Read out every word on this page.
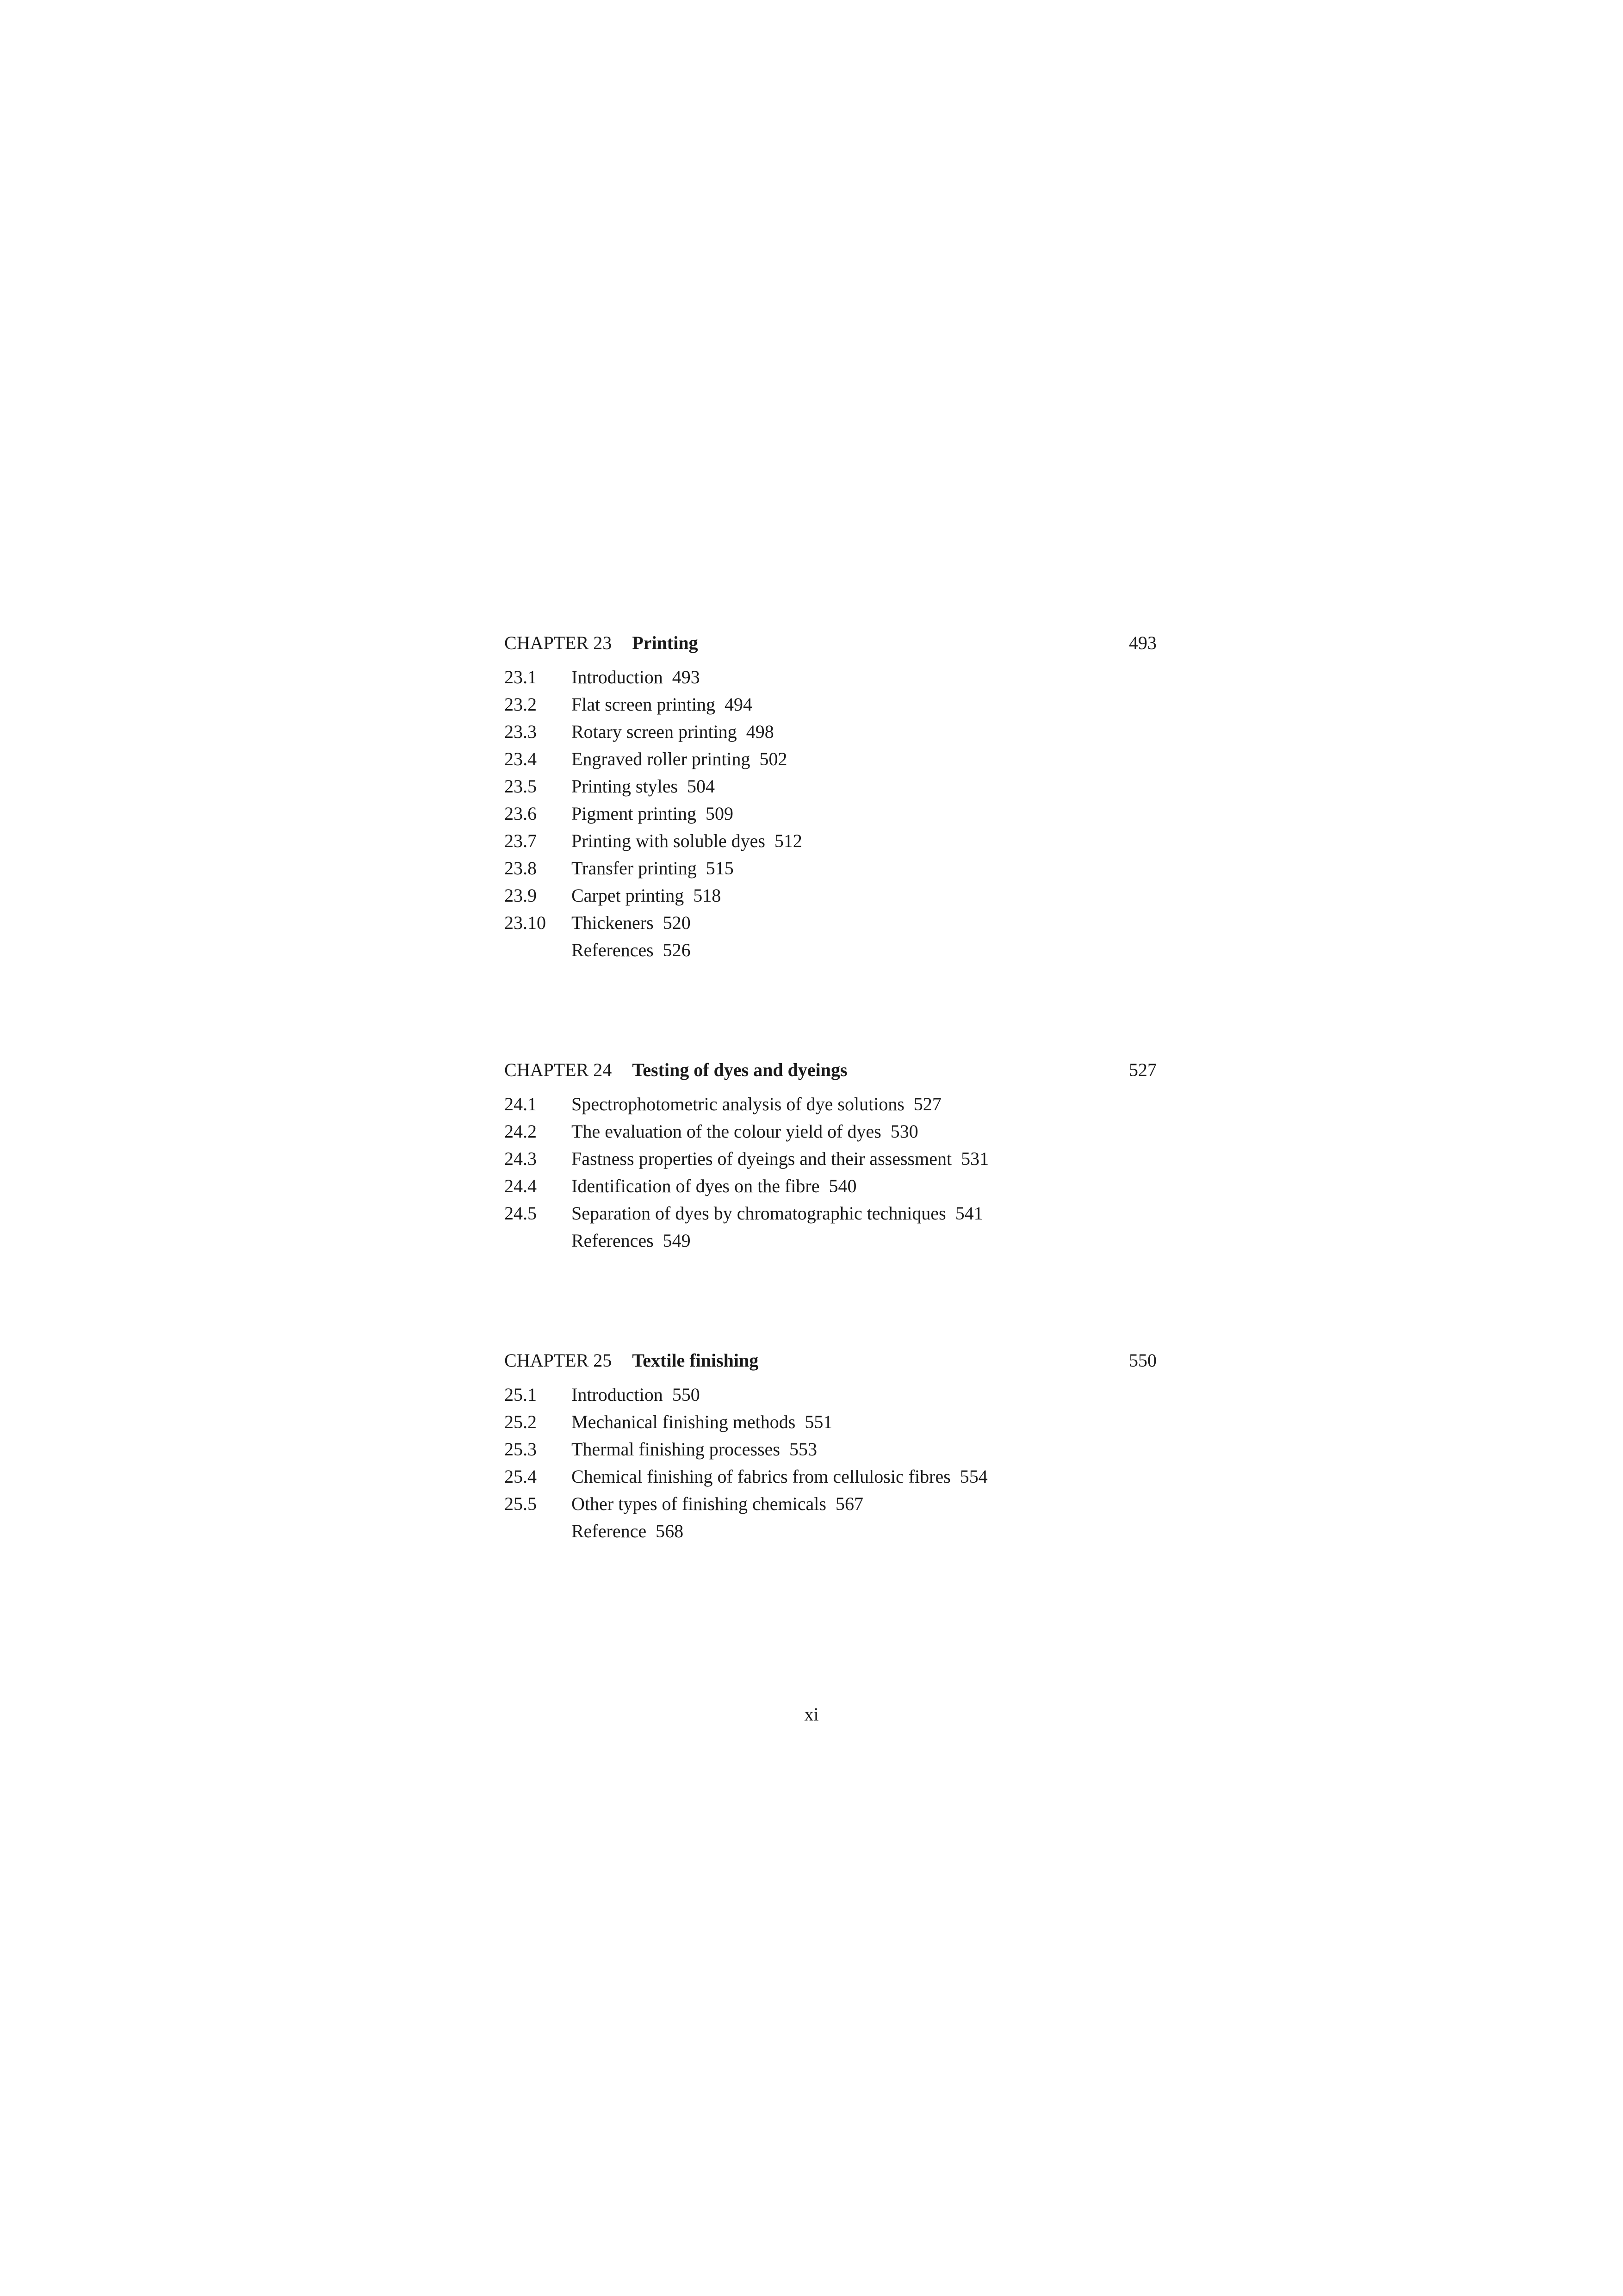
CHAPTER 23 Printing	493
23.1	Introduction 493
23.2	Flat screen printing 494
23.3	Rotary screen printing 498
23.4	Engraved roller printing 502
23.5	Printing styles 504
23.6	Pigment printing 509
23.7	Printing with soluble dyes 512
23.8	Transfer printing 515
23.9	Carpet printing 518
23.10	Thickeners 520
References 526
CHAPTER 24 Testing of dyes and dyeings	527
24.1	Spectrophotometric analysis of dye solutions 527
24.2	The evaluation of the colour yield of dyes 530
24.3	Fastness properties of dyeings and their assessment 531
24.4	Identification of dyes on the fibre 540
24.5	Separation of dyes by chromatographic techniques 541
References 549
CHAPTER 25 Textile finishing	550
25.1	Introduction 550
25.2	Mechanical finishing methods 551
25.3	Thermal finishing processes 553
25.4	Chemical finishing of fabrics from cellulosic fibres 554
25.5	Other types of finishing chemicals 567
Reference 568
xi
